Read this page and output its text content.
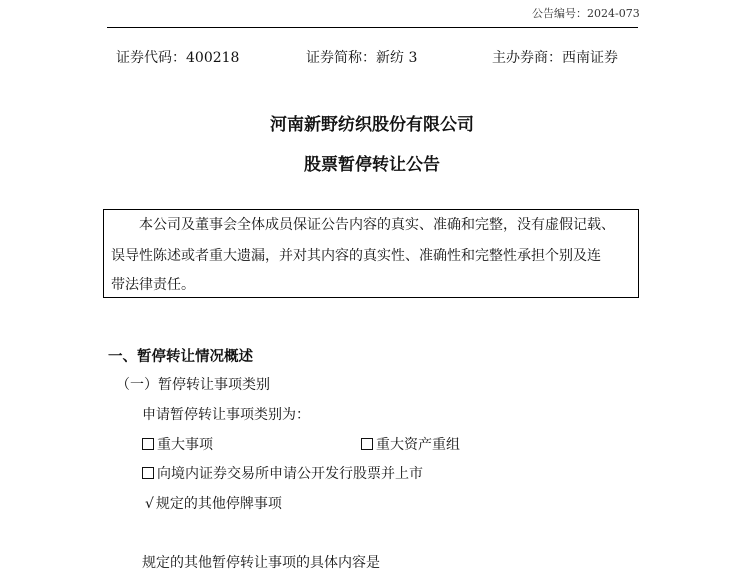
公告编号：2024-073
证券代码：400218	证券简称：新纺 3	主办券商：西南证券
河南新野纺织股份有限公司
股票暂停转让公告
本公司及董事会全体成员保证公告内容的真实、准确和完整，没有虚假记载、
误导性陈述或者重大遗漏，并对其内容的真实性、准确性和完整性承担个别及连
带法律责任。
一、暂停转让情况概述
（一）暂停转让事项类别
申请暂停转让事项类别为：
重大事项	重大资产重组
向境内证券交易所申请公开发行股票并上市
√ 规定的其他停牌事项
规定的其他暂停转让事项的具体内容是
